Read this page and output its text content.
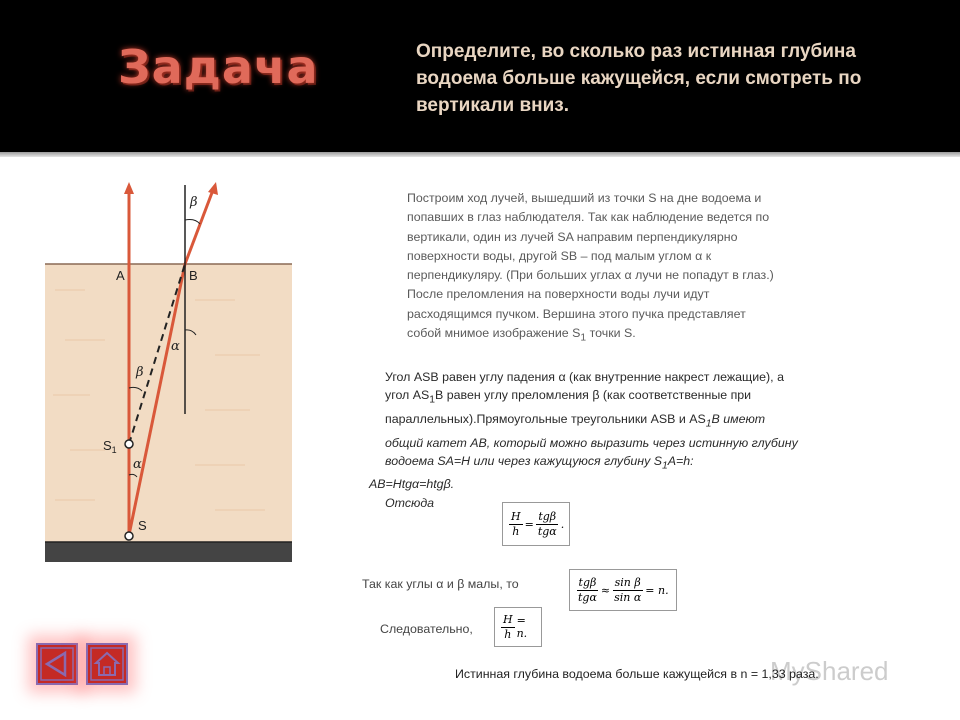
Задача	Определите, во сколько раз истинная глубина водоема больше кажущейся, если смотреть по вертикали вниз.
A	B
β
α
β
α
$S_1$
S
Построим ход лучей, вышедший из точки S на дне водоема и попавших в глаз наблюдателя. Так как наблюдение ведется по вертикали, один из лучей SA направим перпендикулярно поверхности воды, другой SB – под малым углом α к перпендикуляру. (При больших углах α лучи не попадут в глаз.) После преломления на поверхности воды лучи идут расходящимся пучком. Вершина этого пучка представляет собой мнимое изображение $S_1$ точки S.
Угол ASB равен углу падения α (как внутренние накрест лежащие), а угол $AS_1B$ равен углу преломления β (как соответственные при параллельных).Прямоугольные треугольники ASB и $AS_1B$ имеют общий катет AB, который можно выразить через истинную глубину водоема SA=H или через кажущуюся глубину $S_1A=h$:
AB=Htgα=htgβ.
Отсюда
$\frac{H}{h} = \frac{\text{tgβ}}{\text{tgα}}$ .
Так как углы α и β малы, то	$\frac{\text{tgβ}}{\text{tgα}} \approx \frac{\text{sin β}}{\text{sin α}} = n$.
Следовательно,	$\frac{H}{h} = n$.
MyShared
Истинная глубина водоема больше кажущейся в n = 1,33 раза.
